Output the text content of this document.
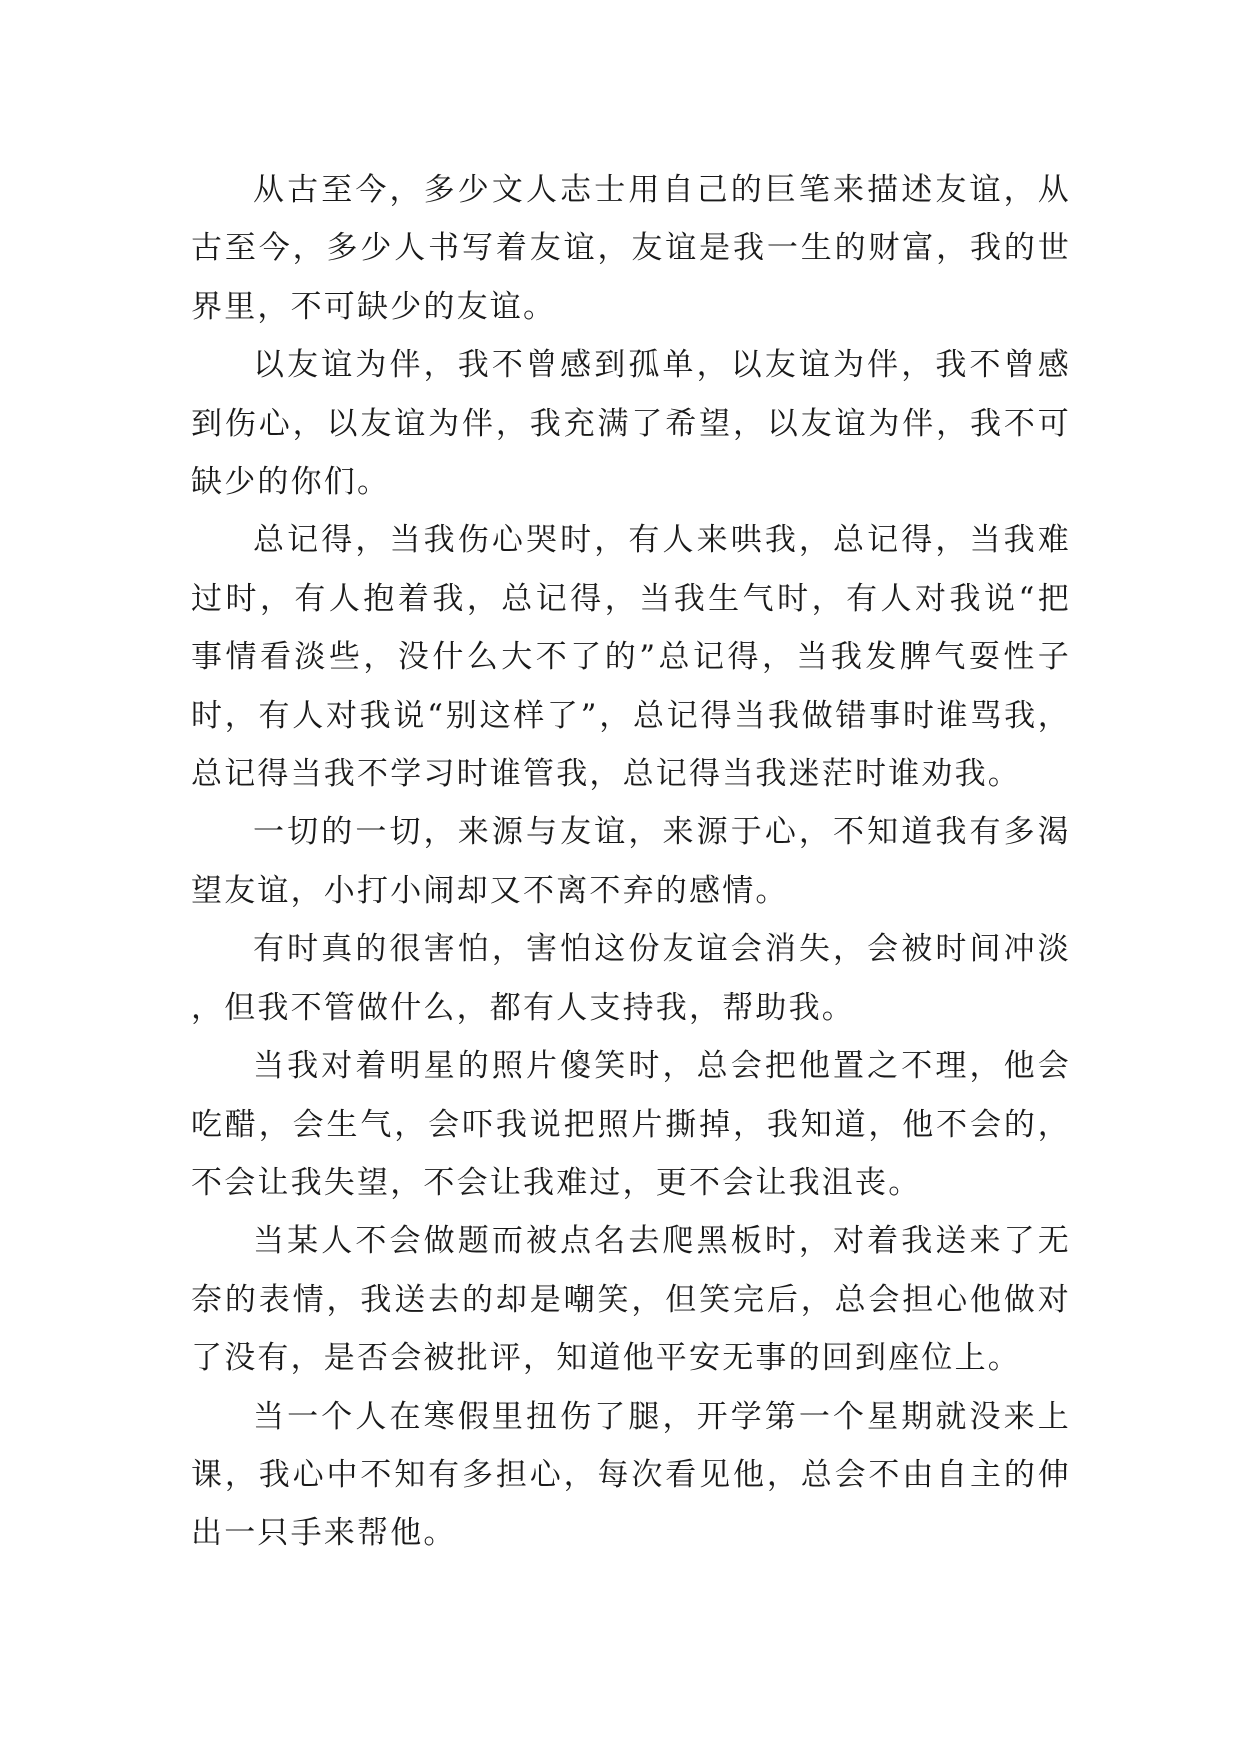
从古至今，多少文人志士用自己的巨笔来描述友谊，从古至今，多少人书写着友谊，友谊是我一生的财富，我的世界里，不可缺少的友谊。

以友谊为伴，我不曾感到孤单，以友谊为伴，我不曾感到伤心，以友谊为伴，我充满了希望，以友谊为伴，我不可缺少的你们。

总记得，当我伤心哭时，有人来哄我，总记得，当我难过时，有人抱着我，总记得，当我生气时，有人对我说“把事情看淡些，没什么大不了的”总记得，当我发脾气耍性子时，有人对我说“别这样了”，总记得当我做错事时谁骂我，总记得当我不学习时谁管我，总记得当我迷茫时谁劝我。

一切的一切，来源与友谊，来源于心，不知道我有多渴望友谊，小打小闹却又不离不弃的感情。

有时真的很害怕，害怕这份友谊会消失，会被时间冲淡，但我不管做什么，都有人支持我，帮助我。

当我对着明星的照片傻笑时，总会把他置之不理，他会吃醋，会生气，会吓我说把照片撕掉，我知道，他不会的，不会让我失望，不会让我难过，更不会让我沮丧。

当某人不会做题而被点名去爬黑板时，对着我送来了无奈的表情，我送去的却是嘲笑，但笑完后，总会担心他做对了没有，是否会被批评，知道他平安无事的回到座位上。

当一个人在寒假里扭伤了腿，开学第一个星期就没来上课，我心中不知有多担心，每次看见他，总会不由自主的伸出一只手来帮他。
